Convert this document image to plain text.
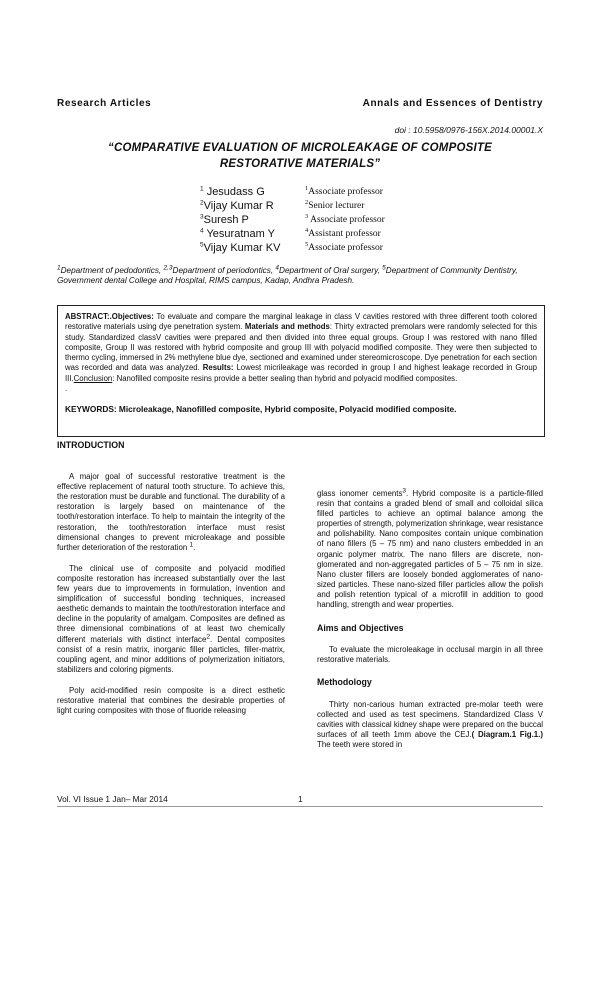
Research Articles	Annals and Essences of Dentistry
doi : 10.5958/0976-156X.2014.00001.X
“COMPARATIVE EVALUATION OF MICROLEAKAGE OF COMPOSITE
RESTORATIVE MATERIALS”
$^1$ Jesudass G
$^2$Vijay Kumar R
$^3$Suresh P
$^4$ Yesuratnam Y
$^5$Vijay Kumar KV
$^1$Associate professor
$^2$Senior lecturer
$^3$ Associate professor
$^4$Assistant professor
$^5$Associate professor
$^1$Department of pedodontics, $^{2,3}$Department of periodontics, $^4$Department of Oral surgery, $^5$Department of Community Dentistry, Government dental College and Hospital, RIMS campus, Kadap, Andhra Pradesh.
ABSTRACT:.Objectives: To evaluate and compare the marginal leakage in class V cavities restored with three different tooth colored restorative materials using dye penetration system. Materials and methods: Thirty extracted premolars were randomly selected for this study. Standardized classV cavities were prepared and then divided into three equal groups. Group I was restored with nano filled composite, Group II was restored with hybrid composite and group III with polyacid modified composite. They were then subjected to thermo cycling, immersed in 2% methylene blue dye, sectioned and examined under stereomicroscope. Dye penetration for each section was recorded and data was analyzed. Results: Lowest micrileakage was recorded in group I and highest leakage recorded in Group III.Conclusion: Nanofilled composite resins provide a better sealing than hybrid and polyacid modified composites.
.
KEYWORDS: Microleakage, Nanofilled composite, Hybrid composite, Polyacid modified composite.
INTRODUCTION

A major goal of successful restorative treatment is the effective replacement of natural tooth structure. To achieve this, the restoration must be durable and functional. The durability of a restoration is largely based on maintenance of the tooth/restoration interface. To help to maintain the integrity of the restoration, the tooth/restoration interface must resist dimensional changes to prevent microleakage and possible further deterioration of the restoration $^1$.

The clinical use of composite and polyacid modified composite restoration has increased substantially over the last few years due to improvements in formulation, invention and simplification of successful bonding techniques, increased aesthetic demands to maintain the tooth/restoration interface and decline in the popularity of amalgam. Composites are defined as three dimensional combinations of at least two chemically different materials with distinct interface$^2$. Dental composites consist of a resin matrix, inorganic filler particles, filler-matrix, coupling agent, and minor additions of polymerization initiators, stabilizers and coloring pigments.

Poly acid-modified resin composite is a direct esthetic restorative material that combines the desirable properties of light curing composites with those of fluoride releasing

glass ionomer cements$^3$. Hybrid composite is a particle-filled resin that contains a graded blend of small and colloidal silica filled particles to achieve an optimal balance among the properties of strength, polymerization shrinkage, wear resistance and polishability. Nano composites contain unique combination of nano fillers (5 – 75 nm) and nano clusters embedded in an organic polymer matrix. The nano fillers are discrete, non-glomerated and non-aggregated particles of 5 – 75 nm in size. Nano cluster fillers are loosely bonded agglomerates of nano-sized particles. These nano-sized filler particles allow the polish and polish retention typical of a microfill in addition to good handling, strength and wear properties.

Aims and Objectives

To evaluate the microleakage in occlusal margin in all three restorative materials.

Methodology

Thirty non-carious human extracted pre-molar teeth were collected and used as test specimens. Standardized Class V cavities with classical kidney shape were prepared on the buccal surfaces of all teeth 1mm above the CEJ.( Diagram.1 Fig.1.) The teeth were stored in

Vol. VI Issue 1 Jan– Mar 2014	1
